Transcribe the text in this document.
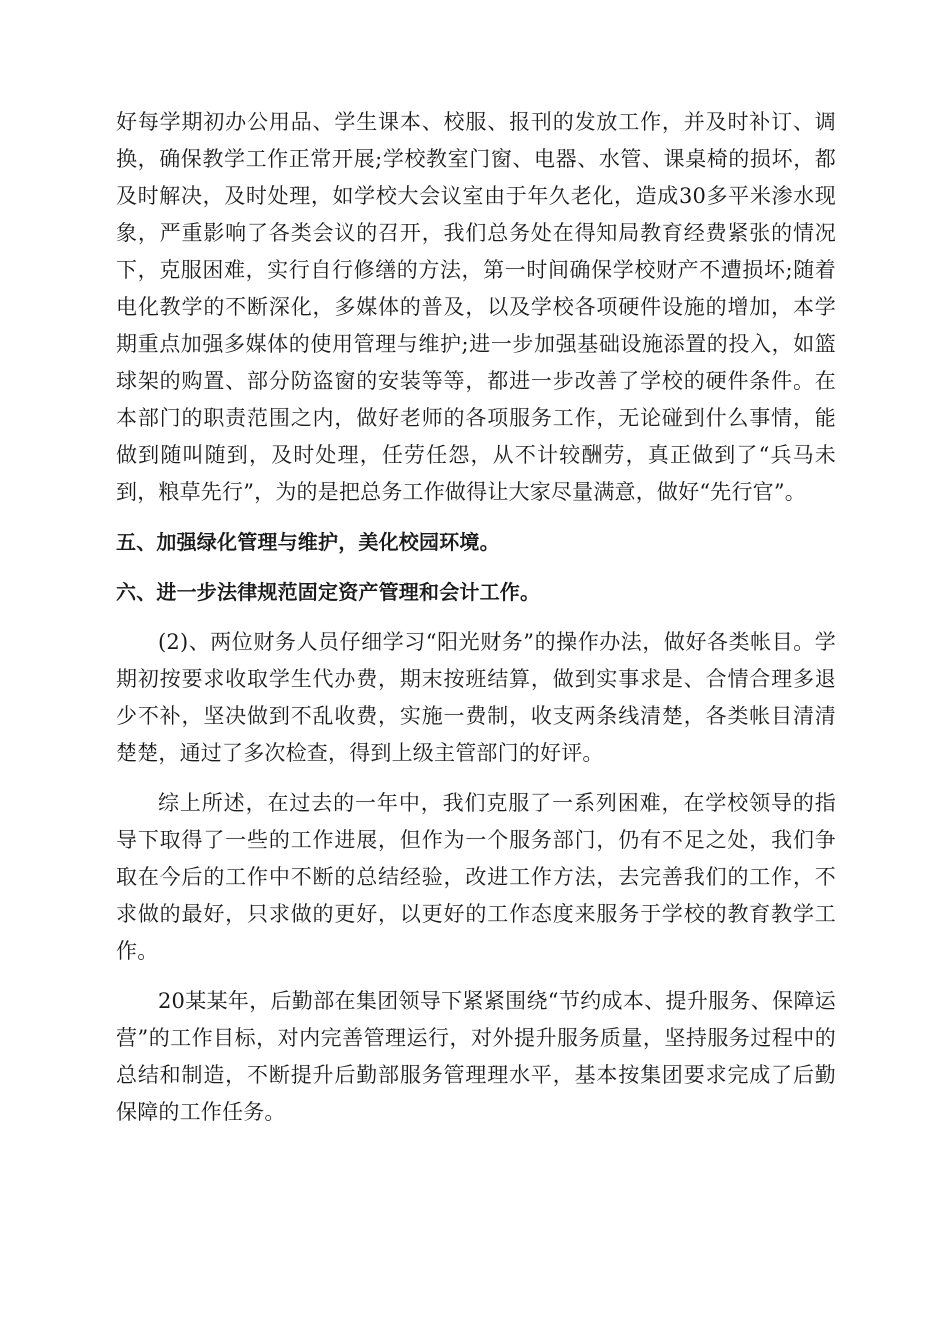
好每学期初办公用品、学生课本、校服、报刊的发放工作，并及时补订、调换，确保教学工作正常开展;学校教室门窗、电器、水管、课桌椅的损坏，都及时解决，及时处理，如学校大会议室由于年久老化，造成30多平米渗水现象，严重影响了各类会议的召开，我们总务处在得知局教育经费紧张的情况下，克服困难，实行自行修缮的方法，第一时间确保学校财产不遭损坏;随着电化教学的不断深化，多媒体的普及，以及学校各项硬件设施的增加，本学期重点加强多媒体的使用管理与维护;进一步加强基础设施添置的投入，如篮球架的购置、部分防盗窗的安装等等，都进一步改善了学校的硬件条件。在本部门的职责范围之内，做好老师的各项服务工作，无论碰到什么事情，能做到随叫随到，及时处理，任劳任怨，从不计较酬劳，真正做到了“兵马未到，粮草先行”，为的是把总务工作做得让大家尽量满意，做好“先行官”。

五、加强绿化管理与维护，美化校园环境。

六、进一步法律规范固定资产管理和会计工作。

(2)、两位财务人员仔细学习“阳光财务”的操作办法，做好各类帐目。学期初按要求收取学生代办费，期末按班结算，做到实事求是、合情合理多退少不补，坚决做到不乱收费，实施一费制，收支两条线清楚，各类帐目清清楚楚，通过了多次检查，得到上级主管部门的好评。

综上所述，在过去的一年中，我们克服了一系列困难，在学校领导的指导下取得了一些的工作进展，但作为一个服务部门，仍有不足之处，我们争取在今后的工作中不断的总结经验，改进工作方法，去完善我们的工作，不求做的最好，只求做的更好，以更好的工作态度来服务于学校的教育教学工作。

20某某年，后勤部在集团领导下紧紧围绕“节约成本、提升服务、保障运营”的工作目标，对内完善管理运行，对外提升服务质量，坚持服务过程中的总结和制造，不断提升后勤部服务管理理水平，基本按集团要求完成了后勤保障的工作任务。
